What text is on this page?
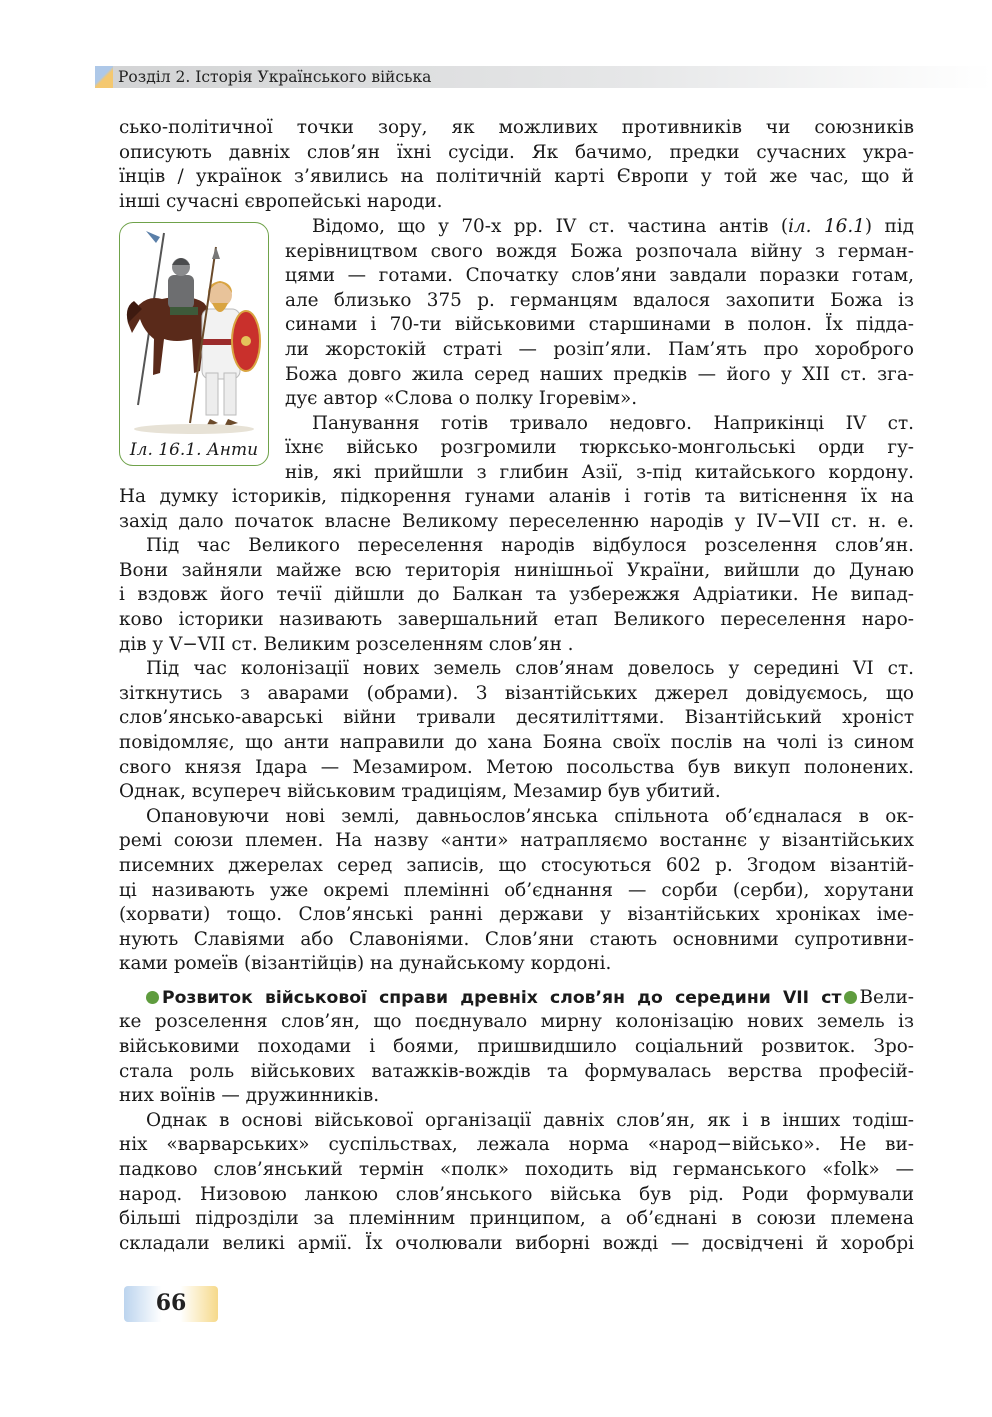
Розділ 2. Історія Українського війська

сько-політичної точки зору, як можливих противників чи союзників

описують давніх слов’ян їхні сусіди. Як бачимо, предки сучасних укра-

їнців / українок з’явились на політичній карті Європи у той же час, що й

інші сучасні європейські народи.

Іл. 16.1. Анти

Відомо, що у 70-х рр. IV ст. частина антів (іл. 16.1) під

керівництвом свого вождя Божа розпочала війну з герман-

цями — готами. Спочатку слов’яни завдали поразки готам,

але близько 375 р. германцям вдалося захопити Божа із

синами і 70-ти військовими старшинами в полон. Їх підда-

ли жорстокій страті — розіп’яли. Пам’ять про хороброго

Божа довго жила серед наших предків — його у XII ст. зга-

дує автор «Слова о полку Ігоревім».

Панування готів тривало недовго. Наприкінці IV ст.

їхнє військо розгромили тюркcько-монгольські орди гу-

нів, які прийшли з глибин Азії, з-під китайського кордону.

На думку істориків, підкорення гунами аланів і готів та витіснення їх на

захід дало початок власне Великому переселенню народів у IV−VII ст. н. е.

Під час Великого переселення народів відбулося розселення слов’ян.

Вони зайняли майже всю територія нинішньої України, вийшли до Дунаю

і вздовж його течії дійшли до Балкан та узбережжя Адріатики. Не випад-

ково історики називають завершальний етап Великого переселення наро-

дів у V−VII ст. Великим розселенням слов’ян .

Під час колонізації нових земель слов’янам довелось у середині VI ст.

зіткнутись з аварами (обрами). З візантійських джерел довідуємось, що

слов’янсько-аварські війни тривали десятиліттями. Візантійський хроніст

повідомляє, що анти направили до хана Бояна своїх послів на чолі із сином

свого князя Ідара — Мезамиром. Метою посольства був викуп полонених.

Однак, всупереч військовим традиціям, Мезамир був убитий.

Опановуючи нові землі, давньослов’янська спільнота об’єдналася в ок-

ремі союзи племен. На назву «анти» натрапляємо востаннє у візантійських

писемних джерелах серед записів, що стосуються 602 р. Згодом візантій-

ці називають уже окремі племінні об’єднання — сорби (серби), хорутани

(хорвати) тощо. Слов’янські ранні держави у візантійських хроніках іме-

нують Славіями або Славоніями. Слов’яни стають основними супротивни-

ками ромеїв (візантійців) на дунайському кордоні.

Розвиток військової справи древніх слов’ян до середини VII ст Вели-

ке розселення слов’ян, що поєднувало мирну колонізацію нових земель із

військовими походами і боями, пришвидшило соціальний розвиток. Зро-

стала роль військових ватажків-вождів та формувалась верства професій-

них воїнів — дружинників.

Однак в основі військової організації давніх слов’ян, як і в інших тодіш-

ніх «варварських» суспільствах, лежала норма «народ−військо». Не ви-

падково слов’янський термін «полк» походить від германського «folk» —

народ. Низовою ланкою слов’янського війська був рід. Роди формували

більші підрозділи за племінним принципом, а об’єднані в союзи племена

складали великі армії. Їх очолювали виборні вожді — досвідчені й хоробрі

66
